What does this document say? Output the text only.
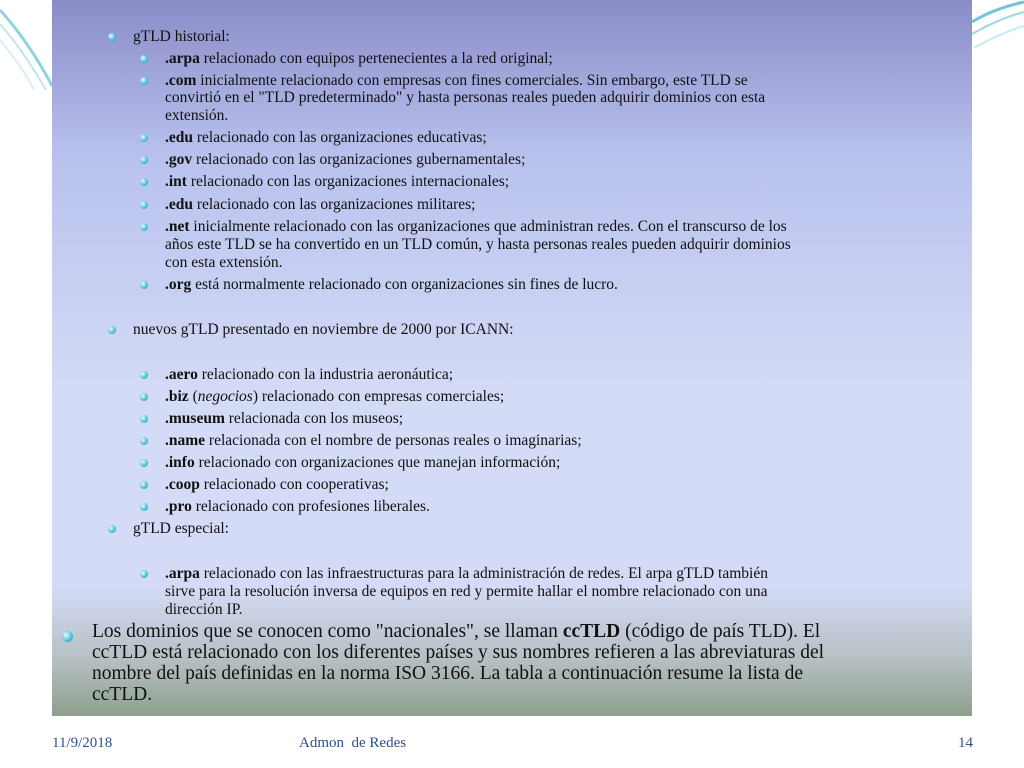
gTLD historial:
.arpa relacionado con equipos pertenecientes a la red original;
.com inicialmente relacionado con empresas con fines comerciales. Sin embargo, este TLD se
convirtió en el "TLD predeterminado" y hasta personas reales pueden adquirir dominios con esta
extensión.
.edu relacionado con las organizaciones educativas;
.gov relacionado con las organizaciones gubernamentales;
.int relacionado con las organizaciones internacionales;
.edu relacionado con las organizaciones militares;
.net inicialmente relacionado con las organizaciones que administran redes. Con el transcurso de los
años este TLD se ha convertido en un TLD común, y hasta personas reales pueden adquirir dominios
con esta extensión.
.org está normalmente relacionado con organizaciones sin fines de lucro.
nuevos gTLD presentado en noviembre de 2000 por ICANN:
.aero relacionado con la industria aeronáutica;
.biz (negocios) relacionado con empresas comerciales;
.museum relacionada con los museos;
.name relacionada con el nombre de personas reales o imaginarias;
.info relacionado con organizaciones que manejan información;
.coop relacionado con cooperativas;
.pro relacionado con profesiones liberales.
gTLD especial:
.arpa relacionado con las infraestructuras para la administración de redes. El arpa gTLD también
sirve para la resolución inversa de equipos en red y permite hallar el nombre relacionado con una
dirección IP.
Los dominios que se conocen como "nacionales", se llaman ccTLD (código de país TLD). El
ccTLD está relacionado con los diferentes países y sus nombres refieren a las abreviaturas del
nombre del país definidas en la norma ISO 3166. La tabla a continuación resume la lista de
ccTLD.
11/9/2018	Admon  de Redes	14
